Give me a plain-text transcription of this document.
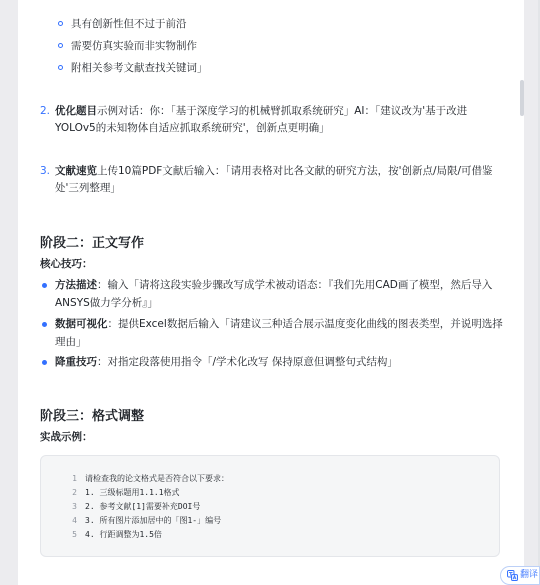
具有创新性但不过于前沿
需要仿真实验而非实物制作
附相关参考文献查找关键词」
2. 优化题目示例对话：你：「基于深度学习的机械臂抓取系统研究」AI：「建议改为'基于改进YOLOv5的未知物体自适应抓取系统研究'，创新点更明确」
3. 文献速览上传10篇PDF文献后输入：「请用表格对比各文献的研究方法，按'创新点/局限/可借鉴处'三列整理」
阶段二：正文写作
核心技巧：
方法描述：输入「请将这段实验步骤改写成学术被动语态：『我们先用CAD画了模型，然后导入ANSYS做力学分析』」
数据可视化：提供Excel数据后输入「请建议三种适合展示温度变化曲线的图表类型，并说明选择理由」
降重技巧：对指定段落使用指令「/学术化改写 保持原意但调整句式结构」
阶段三：格式调整
实战示例：
1 请检查我的论文格式是否符合以下要求：
2 1. 三级标题用1.1.1格式
3 2. 参考文献[1]需要补充DOI号
4 3. 所有图片添加居中的「图1-」编号
5 4. 行距调整为1.5倍
翻译
